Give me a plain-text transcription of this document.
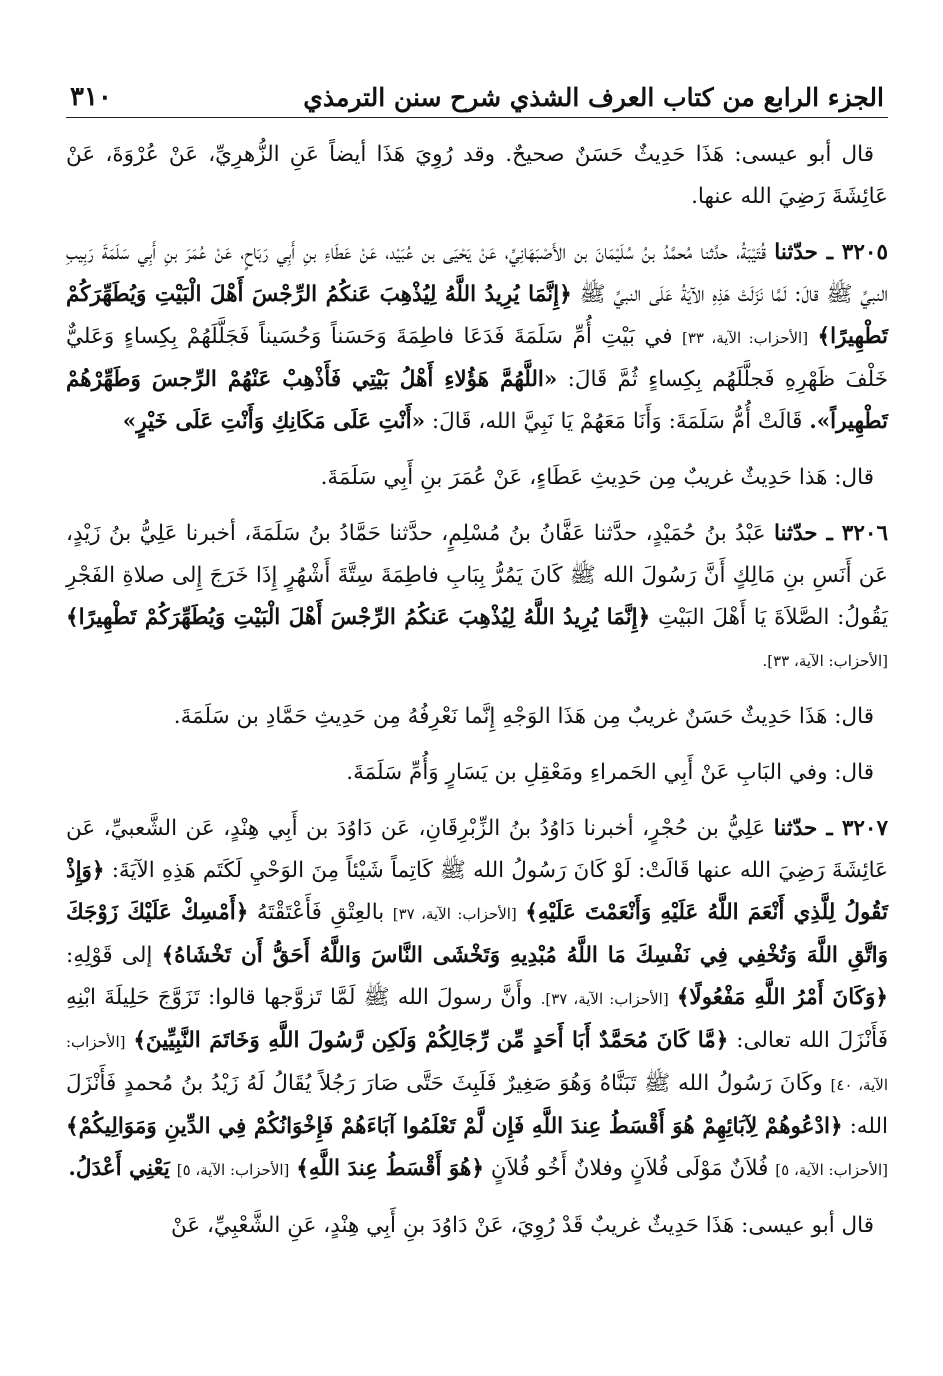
الجزء الرابع من كتاب العرف الشذي شرح سنن الترمذي
٣١٠

قال أبو عيسى: هَذَا حَدِيثٌ حَسَنٌ صحيحٌ. وقد رُوِيَ هَذَا أيضاً عَنِ الزُّهرِيِّ، عَنْ عُرْوَةَ، عَنْ عَائِشَةَ رَضِيَ الله عنها.

٣٢٠٥ ـ حدّثنا قُتَيْبَةُ، حدَّثنا مُحمَّدُ بنُ سُلَيْمَانَ بن الأَصْبَهَانِيِّ، عَنْ يَحْيَى بن عُبَيْد، عَنْ عَطَاءِ بنِ أَبِي رَبَاحٍ، عَنْ عُمَرَ بنِ أَبِي سَلَمَةَ رَبِيبِ النبيِّ ﷺ قالَ: لَمَّا نَزَلَتْ هَذِهِ الآيَةُ عَلَى النبيِّ ﷺ ﴿إِنَّمَا يُرِيدُ اللَّهُ لِيُذْهِبَ عَنكُمُ الرِّجْسَ أَهْلَ الْبَيْتِ وَيُطَهِّرَكُمْ تَطْهِيرًا﴾ [الأحزاب: الآية، ٣٣] في بَيْتِ أُمِّ سَلَمَةَ فَدَعَا فاطِمَةَ وَحَسَناً وَحُسَيناً فَجَلَّلَهُمْ بِكِساءٍ وَعَليٌّ خَلْفَ ظَهْرِهِ فَجلَّلَهُم بِكِساءٍ ثُمَّ قَالَ: «اللَّهُمَّ هَؤُلاءِ أَهْلُ بَيْتِي فَأَذْهِبْ عَنْهُمْ الرِّجسَ وَطَهِّرْهُمْ تَطْهِيراً». قَالَتْ أُمُّ سَلَمَةَ: وَأَنَا مَعَهُمْ يَا نَبِيَّ الله، قَالَ: «أَنْتِ عَلَى مَكَانِكِ وَأَنْتِ عَلَى خَيْرٍ»

قال: هَذا حَدِيثٌ غريبٌ مِن حَدِيثِ عَطَاءٍ، عَنْ عُمَرَ بنِ أَبِي سَلَمَةَ.

٣٢٠٦ ـ حدّثنا عَبْدُ بنُ حُمَيْدٍ، حدَّثنا عَفَّانُ بنُ مُسْلِمٍ، حدَّثنا حَمَّادُ بنُ سَلَمَةَ، أخبرنا عَلِيُّ بنُ زَيْدٍ، عَن أَنَسِ بنِ مَالِكٍ أَنَّ رَسُولَ الله ﷺ كَانَ يَمُرُّ بِبَابِ فاطِمَةَ سِتَّةَ أَشْهُرٍ إِذَا خَرَجَ إِلى صلاةِ الفَجْرِ يَقُولُ: الصَّلاَةَ يَا أَهْلَ البَيْتِ ﴿إِنَّمَا يُرِيدُ اللَّهُ لِيُذْهِبَ عَنكُمُ الرِّجْسَ أَهْلَ الْبَيْتِ وَيُطَهِّرَكُمْ تَطْهِيرًا﴾ [الأحزاب: الآية، ٣٣].

قال: هَذَا حَدِيثٌ حَسَنٌ غريبٌ مِن هَذَا الوَجْهِ إِنَّما نَعْرِفُهُ مِن حَدِيثِ حَمَّادِ بن سَلَمَةَ.

قال: وفي البَابِ عَنْ أَبِي الحَمراءِ ومَعْقِلِ بن يَسَارٍ وَأُمِّ سَلَمَةَ.

٣٢٠٧ ـ حدّثنا عَلِيُّ بن حُجْرٍ، أخبرنا دَاوُدُ بنُ الزِّبْرِقَانِ، عَن دَاوُدَ بن أَبِي هِنْدٍ، عَن الشَّعبيِّ، عَن عَائِشَةَ رَضِيَ الله عنها قَالَتْ: لَوْ كَانَ رَسُولُ الله ﷺ كَاتِماً شَيْئاً مِنَ الوَحْيِ لَكَتَم هَذِهِ الآيَةَ: ﴿وَإِذْ تَقُولُ لِلَّذِي أَنْعَمَ اللَّهُ عَلَيْهِ وَأَنْعَمْتَ عَلَيْهِ﴾ [الأحزاب: الآية، ٣٧] بالعِتْقِ فَأَعْتَقْتَهُ ﴿أَمْسِكْ عَلَيْكَ زَوْجَكَ وَاتَّقِ اللَّهَ وَتُخْفِي فِي نَفْسِكَ مَا اللَّهُ مُبْدِيهِ وَتَخْشَى النَّاسَ وَاللَّهُ أَحَقُّ أَن تَخْشَاهُ﴾ إلى قَوْلِهِ: ﴿وَكَانَ أَمْرُ اللَّهِ مَفْعُولًا﴾ [الأحزاب: الآية، ٣٧]. وأَنَّ رسولَ الله ﷺ لَمَّا تَزوَّجها قالوا: تَزَوَّجَ حَلِيلَةَ ابْنِهِ فَأَنْزَلَ الله تعالى: ﴿مَّا كَانَ مُحَمَّدٌ أَبَا أَحَدٍ مِّن رِّجَالِكُمْ وَلَكِن رَّسُولَ اللَّهِ وَخَاتَمَ النَّبِيِّينَ﴾ [الأحزاب: الآية، ٤٠] وكَانَ رَسُولُ الله ﷺ تَبَنَّاهُ وَهُوَ صَغِيرٌ فَلَبِثَ حَتَّى صَارَ رَجُلاً يُقَالُ لَهُ زَيْدُ بنُ مُحمدٍ فَأَنْزَلَ الله: ﴿ادْعُوهُمْ لِآبَائِهِمْ هُوَ أَقْسَطُ عِندَ اللَّهِ فَإِن لَّمْ تَعْلَمُوا آبَاءَهُمْ فَإِخْوَانُكُمْ فِي الدِّينِ وَمَوَالِيكُمْ﴾ [الأحزاب: الآية، ٥] فُلاَنٌ مَوْلَى فُلاَنٍ وفلانٌ أَخُو فُلاَنٍ ﴿هُوَ أَقْسَطُ عِندَ اللَّهِ﴾ [الأحزاب: الآية، ٥] يَعْنِي أَعْدَلُ.

قال أبو عيسى: هَذَا حَدِيثٌ غريبٌ قَدْ رُوِيَ، عَنْ دَاوُدَ بنِ أَبِي هِنْدٍ، عَنِ الشَّعْبِيِّ، عَنْ
